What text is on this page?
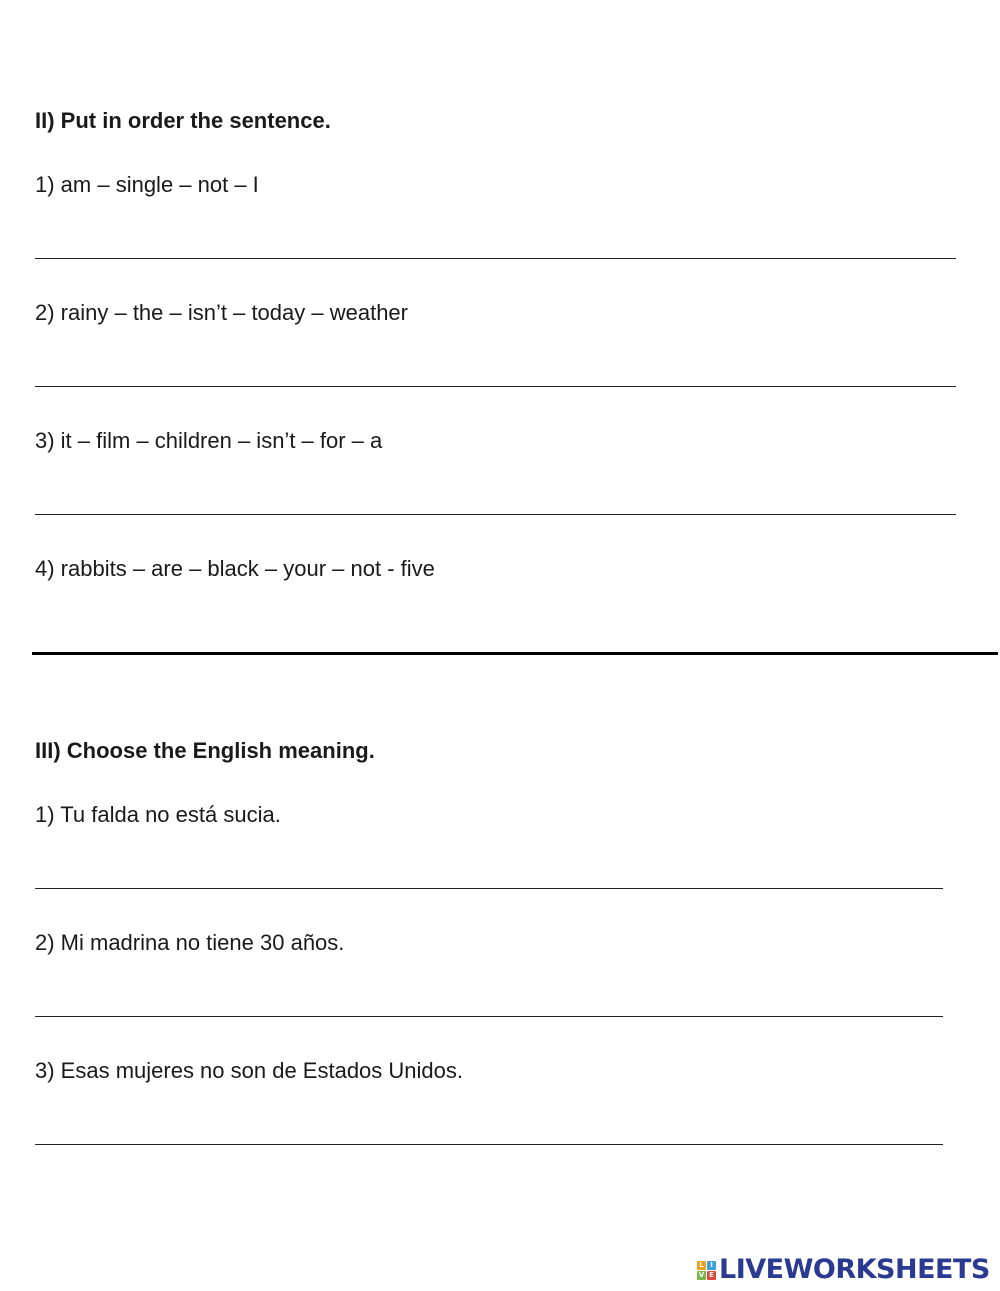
II) Put in order the sentence.
1) am – single – not – I
2) rainy – the – isn’t – today – weather
3) it – film – children – isn’t – for – a
4) rabbits – are – black – your – not - five
III) Choose the English meaning.
1) Tu falda no está sucia.
2) Mi madrina no tiene 30 años.
3) Esas mujeres no son de Estados Unidos.
L I
V E LIVEWORKSHEETS
